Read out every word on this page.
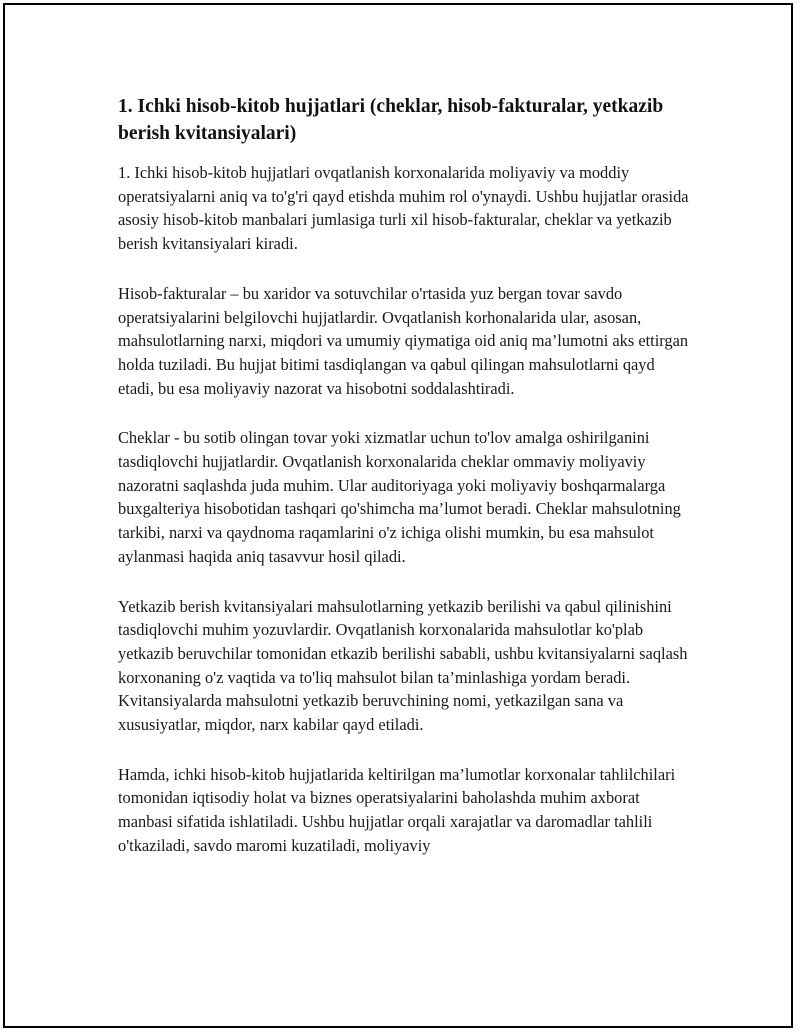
1. Ichki hisob-kitob hujjatlari (cheklar, hisob-fakturalar, yetkazib berish kvitansiyalari)

1. Ichki hisob-kitob hujjatlari ovqatlanish korxonalarida moliyaviy va moddiy operatsiyalarni aniq va to'g'ri qayd etishda muhim rol o'ynaydi. Ushbu hujjatlar orasida asosiy hisob-kitob manbalari jumlasiga turli xil hisob-fakturalar, cheklar va yetkazib berish kvitansiyalari kiradi.

Hisob-fakturalar – bu xaridor va sotuvchilar o'rtasida yuz bergan tovar savdo operatsiyalarini belgilovchi hujjatlardir. Ovqatlanish korhonalarida ular, asosan, mahsulotlarning narxi, miqdori va umumiy qiymatiga oid aniq ma’lumotni aks ettirgan holda tuziladi. Bu hujjat bitimi tasdiqlangan va qabul qilingan mahsulotlarni qayd etadi, bu esa moliyaviy nazorat va hisobotni soddalashtiradi.

Cheklar - bu sotib olingan tovar yoki xizmatlar uchun to'lov amalga oshirilganini tasdiqlovchi hujjatlardir. Ovqatlanish korxonalarida cheklar ommaviy moliyaviy nazoratni saqlashda juda muhim. Ular auditoriyaga yoki moliyaviy boshqarmalarga buxgalteriya hisobotidan tashqari qo'shimcha ma’lumot beradi. Cheklar mahsulotning tarkibi, narxi va qaydnoma raqamlarini o'z ichiga olishi mumkin, bu esa mahsulot aylanmasi haqida aniq tasavvur hosil qiladi.

Yetkazib berish kvitansiyalari mahsulotlarning yetkazib berilishi va qabul qilinishini tasdiqlovchi muhim yozuvlardir. Ovqatlanish korxonalarida mahsulotlar ko'plab yetkazib beruvchilar tomonidan etkazib berilishi sababli, ushbu kvitansiyalarni saqlash korxonaning o'z vaqtida va to'liq mahsulot bilan ta’minlashiga yordam beradi. Kvitansiyalarda mahsulotni yetkazib beruvchining nomi, yetkazilgan sana va xususiyatlar, miqdor, narx kabilar qayd etiladi.

Hamda, ichki hisob-kitob hujjatlarida keltirilgan ma’lumotlar korxonalar tahlilchilari tomonidan iqtisodiy holat va biznes operatsiyalarini baholashda muhim axborat manbasi sifatida ishlatiladi. Ushbu hujjatlar orqali xarajatlar va daromadlar tahlili o'tkaziladi, savdo maromi kuzatiladi, moliyaviy
